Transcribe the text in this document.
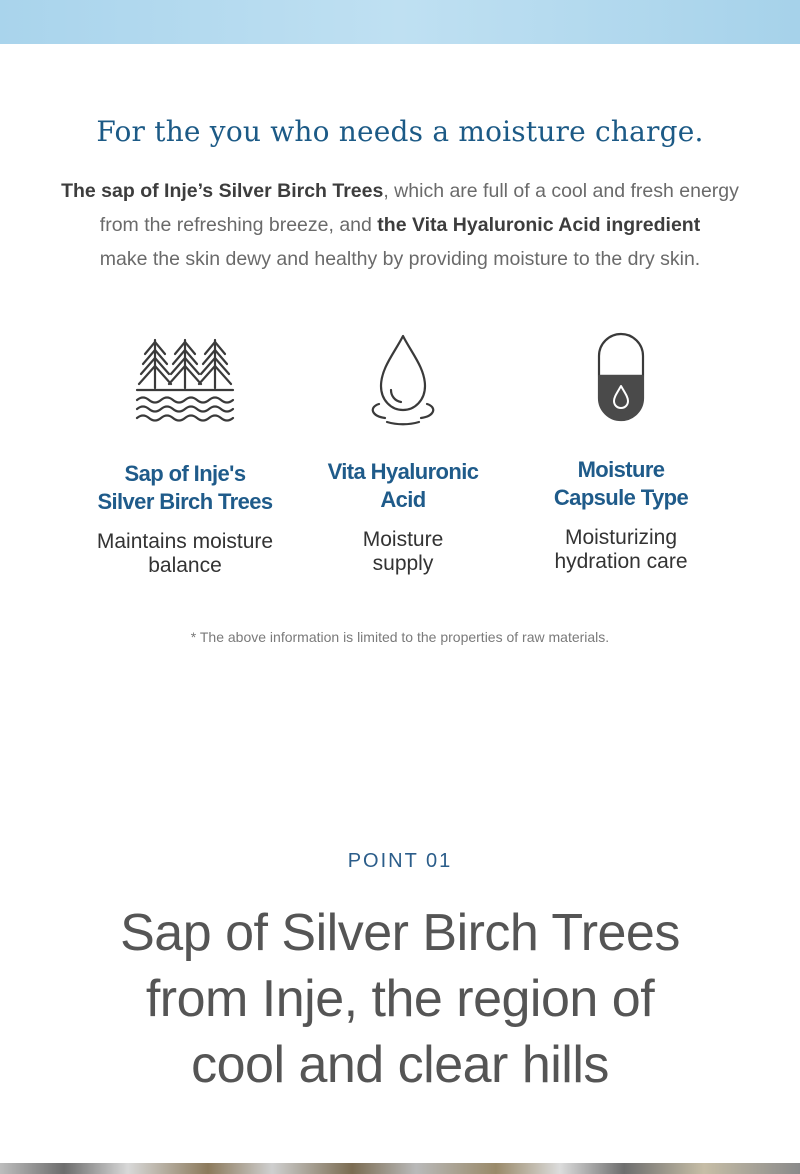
For the you who needs a moisture charge.
The sap of Inje’s Silver Birch Trees, which are full of a cool and fresh energy
from the refreshing breeze, and the Vita Hyaluronic Acid ingredient
make the skin dewy and healthy by providing moisture to the dry skin.
Sap of Inje's
Silver Birch Trees
Maintains moisture
balance
Vita Hyaluronic
Acid
Moisture
supply
Moisture
Capsule Type
Moisturizing
hydration care
* The above information is limited to the properties of raw materials.
POINT 01
Sap of Silver Birch Trees
from Inje, the region of
cool and clear hills
